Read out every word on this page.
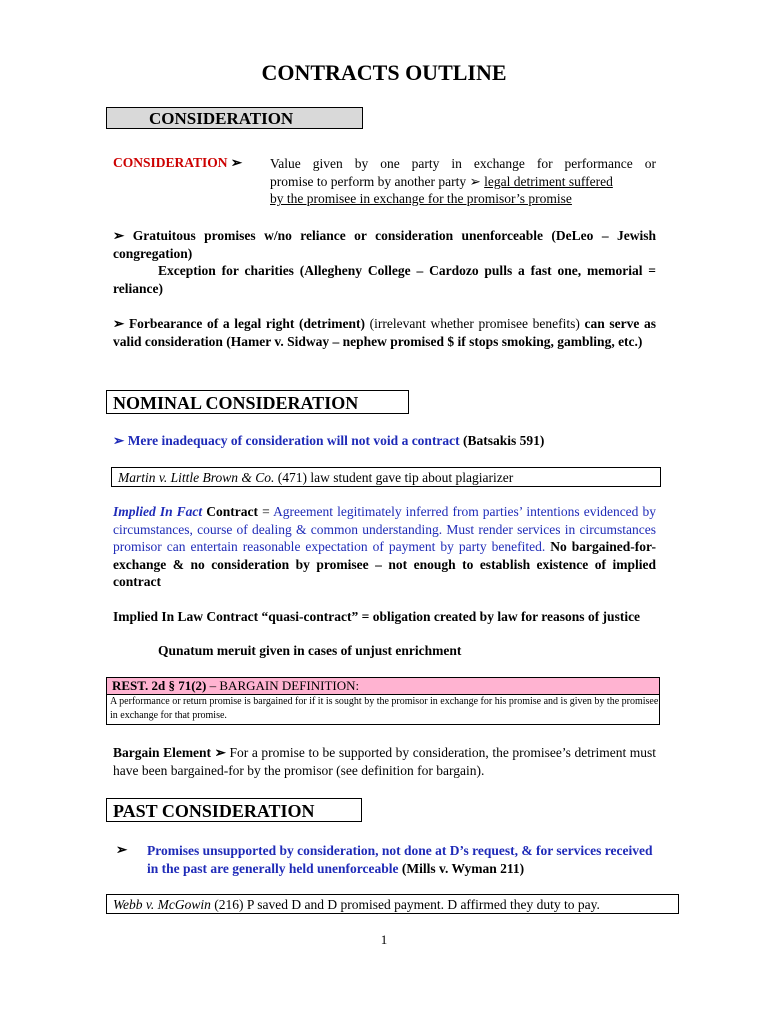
CONTRACTS OUTLINE
CONSIDERATION
CONSIDERATION ➢ Value given by one party in exchange for performance or
promise to perform by another party ➢ legal detriment suffered
by the promisee in exchange for the promisor’s promise
➢ Gratuitous promises w/no reliance or consideration unenforceable (DeLeo – Jewish congregation)
Exception for charities (Allegheny College – Cardozo pulls a fast one, memorial = reliance)
➢ Forbearance of a legal right (detriment) (irrelevant whether promisee benefits) can serve as valid consideration (Hamer v. Sidway – nephew promised $ if stops smoking, gambling, etc.)
NOMINAL CONSIDERATION
➢ Mere inadequacy of consideration will not void a contract (Batsakis 591)
Martin v. Little Brown & Co. (471) law student gave tip about plagiarizer
Implied In Fact Contract = Agreement legitimately inferred from parties’ intentions evidenced by circumstances, course of dealing & common understanding. Must render services in circumstances promisor can entertain reasonable expectation of payment by party benefited. No bargained-for-exchange & no consideration by promisee – not enough to establish existence of implied contract
Implied In Law Contract “quasi-contract” = obligation created by law for reasons of justice
Qunatum meruit given in cases of unjust enrichment
REST. 2d § 71(2) – BARGAIN DEFINITION:
A performance or return promise is bargained for if it is sought by the promisor in exchange for his promise and is given by the promisee in exchange for that promise.
Bargain Element ➢ For a promise to be supported by consideration, the promisee’s detriment must have been bargained-for by the promisor (see definition for bargain).
PAST CONSIDERATION
➢ Promises unsupported by consideration, not done at D’s request, & for services received in the past are generally held unenforceable (Mills v. Wyman 211)
Webb v. McGowin (216) P saved D and D promised payment. D affirmed they duty to pay.
1
